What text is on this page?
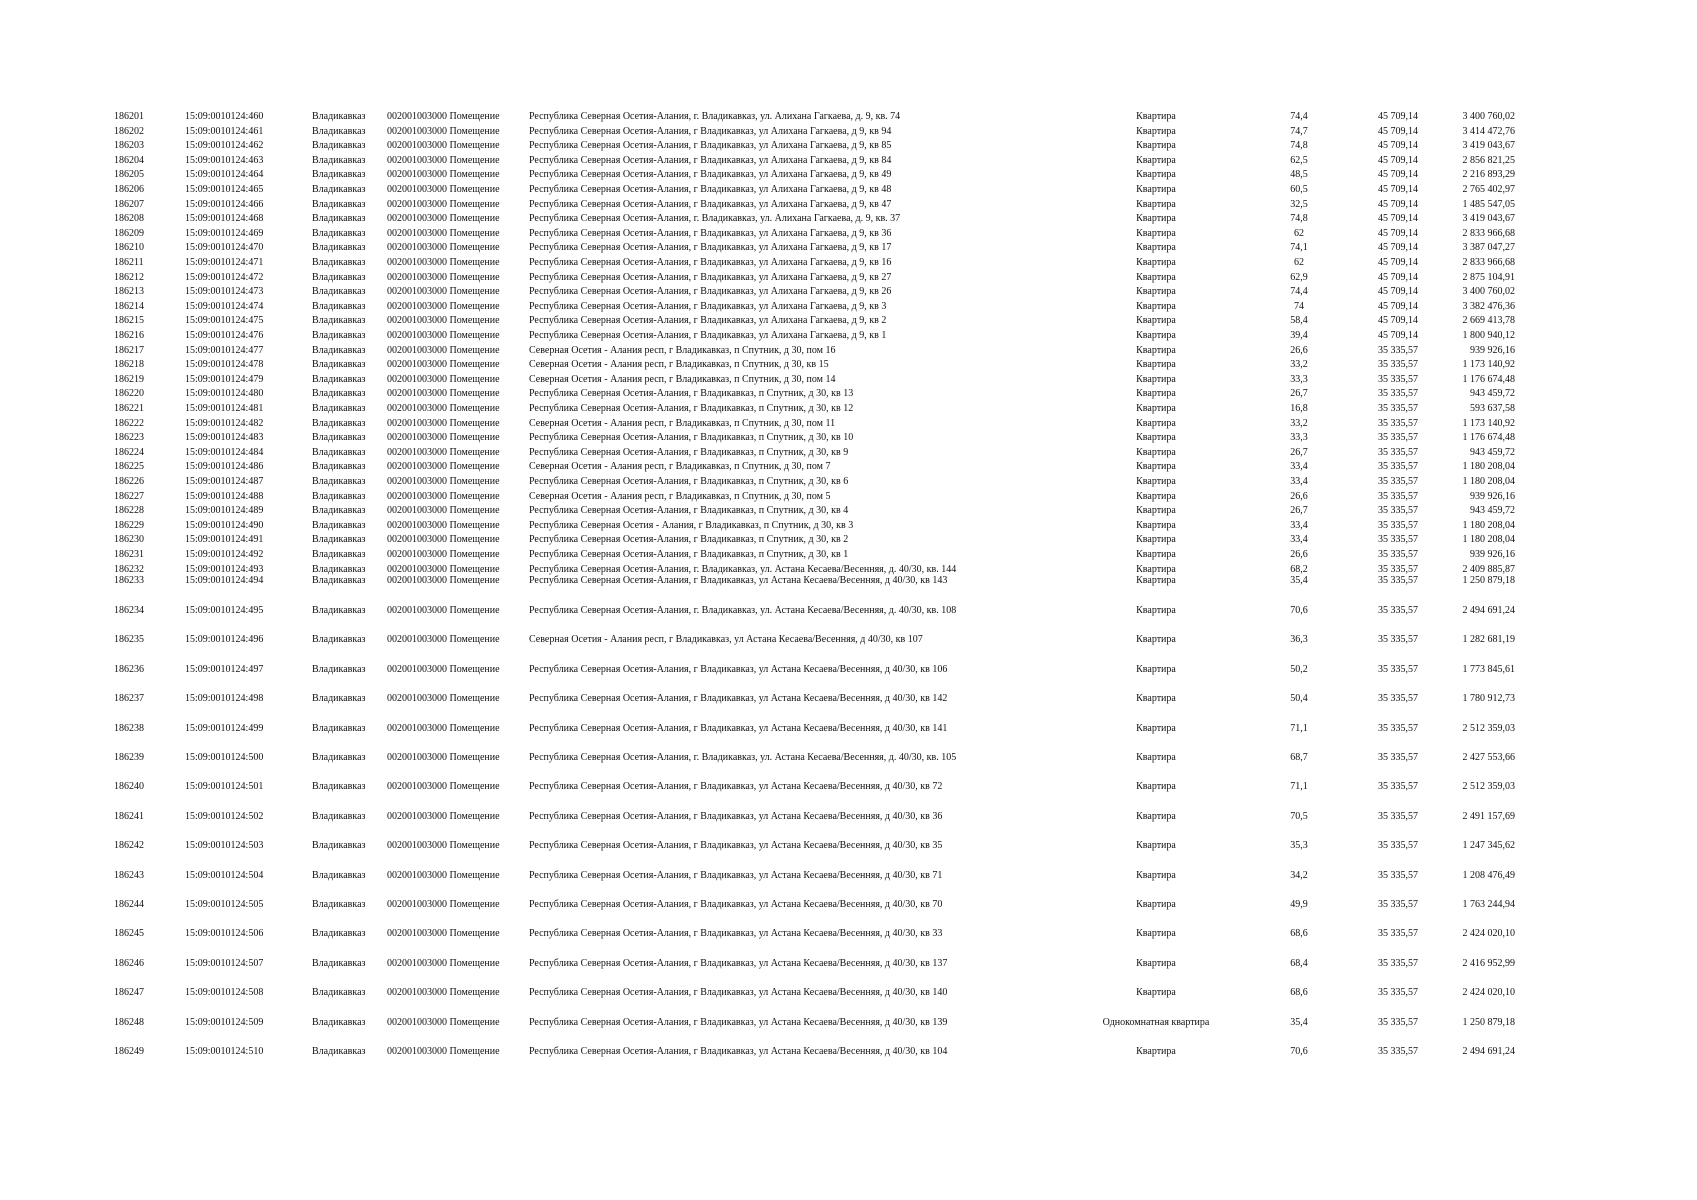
186201	15:09:0010124:460	Владикавказ 002001003000 Помещение	Республика Северная Осетия-Алания, г. Владикавказ, ул. Алихана Гагкаева, д. 9, кв. 74	Квартира	74,4	45 709,14	3 400 760,02
186202	15:09:0010124:461	Владикавказ 002001003000 Помещение	Республика Северная Осетия-Алания, г Владикавказ, ул Алихана Гагкаева, д 9, кв 94	Квартира	74,7	45 709,14	3 414 472,76
186203	15:09:0010124:462	Владикавказ 002001003000 Помещение	Республика Северная Осетия-Алания, г Владикавказ, ул Алихана Гагкаева, д 9, кв 85	Квартира	74,8	45 709,14	3 419 043,67
186204	15:09:0010124:463	Владикавказ 002001003000 Помещение	Республика Северная Осетия-Алания, г Владикавказ, ул Алихана Гагкаева, д 9, кв 84	Квартира	62,5	45 709,14	2 856 821,25
186205	15:09:0010124:464	Владикавказ 002001003000 Помещение	Республика Северная Осетия-Алания, г Владикавказ, ул Алихана Гагкаева, д 9, кв 49	Квартира	48,5	45 709,14	2 216 893,29
186206	15:09:0010124:465	Владикавказ 002001003000 Помещение	Республика Северная Осетия-Алания, г Владикавказ, ул Алихана Гагкаева, д 9, кв 48	Квартира	60,5	45 709,14	2 765 402,97
186207	15:09:0010124:466	Владикавказ 002001003000 Помещение	Республика Северная Осетия-Алания, г Владикавказ, ул Алихана Гагкаева, д 9, кв 47	Квартира	32,5	45 709,14	1 485 547,05
186208	15:09:0010124:468	Владикавказ 002001003000 Помещение	Республика Северная Осетия-Алания, г. Владикавказ, ул. Алихана Гагкаева, д. 9, кв. 37	Квартира	74,8	45 709,14	3 419 043,67
186209	15:09:0010124:469	Владикавказ 002001003000 Помещение	Республика Северная Осетия-Алания, г Владикавказ, ул Алихана Гагкаева, д 9, кв 36	Квартира	62	45 709,14	2 833 966,68
186210	15:09:0010124:470	Владикавказ 002001003000 Помещение	Республика Северная Осетия-Алания, г Владикавказ, ул Алихана Гагкаева, д 9, кв 17	Квартира	74,1	45 709,14	3 387 047,27
186211	15:09:0010124:471	Владикавказ 002001003000 Помещение	Республика Северная Осетия-Алания, г Владикавказ, ул Алихана Гагкаева, д 9, кв 16	Квартира	62	45 709,14	2 833 966,68
186212	15:09:0010124:472	Владикавказ 002001003000 Помещение	Республика Северная Осетия-Алания, г Владикавказ, ул Алихана Гагкаева, д 9, кв 27	Квартира	62,9	45 709,14	2 875 104,91
186213	15:09:0010124:473	Владикавказ 002001003000 Помещение	Республика Северная Осетия-Алания, г Владикавказ, ул Алихана Гагкаева, д 9, кв 26	Квартира	74,4	45 709,14	3 400 760,02
186214	15:09:0010124:474	Владикавказ 002001003000 Помещение	Республика Северная Осетия-Алания, г Владикавказ, ул Алихана Гагкаева, д 9, кв 3	Квартира	74	45 709,14	3 382 476,36
186215	15:09:0010124:475	Владикавказ 002001003000 Помещение	Республика Северная Осетия-Алания, г Владикавказ, ул Алихана Гагкаева, д 9, кв 2	Квартира	58,4	45 709,14	2 669 413,78
186216	15:09:0010124:476	Владикавказ 002001003000 Помещение	Республика Северная Осетия-Алания, г Владикавказ, ул Алихана Гагкаева, д 9, кв 1	Квартира	39,4	45 709,14	1 800 940,12
186217	15:09:0010124:477	Владикавказ 002001003000 Помещение	Северная Осетия - Алания респ, г Владикавказ, п Спутник, д 30, пом 16	Квартира	26,6	35 335,57	939 926,16
186218	15:09:0010124:478	Владикавказ 002001003000 Помещение	Северная Осетия - Алания респ, г Владикавказ, п Спутник, д 30, кв 15	Квартира	33,2	35 335,57	1 173 140,92
186219	15:09:0010124:479	Владикавказ 002001003000 Помещение	Северная Осетия - Алания респ, г Владикавказ, п Спутник, д 30, пом 14	Квартира	33,3	35 335,57	1 176 674,48
186220	15:09:0010124:480	Владикавказ 002001003000 Помещение	Республика Северная Осетия-Алания, г Владикавказ, п Спутник, д 30, кв 13	Квартира	26,7	35 335,57	943 459,72
186221	15:09:0010124:481	Владикавказ 002001003000 Помещение	Республика Северная Осетия-Алания, г Владикавказ, п Спутник, д 30, кв 12	Квартира	16,8	35 335,57	593 637,58
186222	15:09:0010124:482	Владикавказ 002001003000 Помещение	Северная Осетия - Алания респ, г Владикавказ, п Спутник, д 30, пом 11	Квартира	33,2	35 335,57	1 173 140,92
186223	15:09:0010124:483	Владикавказ 002001003000 Помещение	Республика Северная Осетия-Алания, г Владикавказ, п Спутник, д 30, кв 10	Квартира	33,3	35 335,57	1 176 674,48
186224	15:09:0010124:484	Владикавказ 002001003000 Помещение	Республика Северная Осетия-Алания, г Владикавказ, п Спутник, д 30, кв 9	Квартира	26,7	35 335,57	943 459,72
186225	15:09:0010124:486	Владикавказ 002001003000 Помещение	Северная Осетия - Алания респ, г Владикавказ, п Спутник, д 30, пом 7	Квартира	33,4	35 335,57	1 180 208,04
186226	15:09:0010124:487	Владикавказ 002001003000 Помещение	Республика Северная Осетия-Алания, г Владикавказ, п Спутник, д 30, кв 6	Квартира	33,4	35 335,57	1 180 208,04
186227	15:09:0010124:488	Владикавказ 002001003000 Помещение	Северная Осетия - Алания респ, г Владикавказ, п Спутник, д 30, пом 5	Квартира	26,6	35 335,57	939 926,16
186228	15:09:0010124:489	Владикавказ 002001003000 Помещение	Республика Северная Осетия-Алания, г Владикавказ, п Спутник, д 30, кв 4	Квартира	26,7	35 335,57	943 459,72
186229	15:09:0010124:490	Владикавказ 002001003000 Помещение	Республика Северная Осетия - Алания, г Владикавказ, п Спутник, д 30, кв 3	Квартира	33,4	35 335,57	1 180 208,04
186230	15:09:0010124:491	Владикавказ 002001003000 Помещение	Республика Северная Осетия-Алания, г Владикавказ, п Спутник, д 30, кв 2	Квартира	33,4	35 335,57	1 180 208,04
186231	15:09:0010124:492	Владикавказ 002001003000 Помещение	Республика Северная Осетия-Алания, г Владикавказ, п Спутник, д 30, кв 1	Квартира	26,6	35 335,57	939 926,16
186232	15:09:0010124:493	Владикавказ 002001003000 Помещение	Республика Северная Осетия-Алания, г. Владикавказ, ул. Астана Кесаева/Весенняя, д. 40/30, кв. 144	Квартира	68,2	35 335,57	2 409 885,87
186233	15:09:0010124:494	Владикавказ 002001003000 Помещение	Республика Северная Осетия-Алания, г Владикавказ, ул Астана Кесаева/Весенняя, д 40/30, кв 143	Квартира	35,4	35 335,57	1 250 879,18
186234	15:09:0010124:495	Владикавказ 002001003000 Помещение	Республика Северная Осетия-Алания, г. Владикавказ, ул. Астана Кесаева/Весенняя, д. 40/30, кв. 108	Квартира	70,6	35 335,57	2 494 691,24
186235	15:09:0010124:496	Владикавказ 002001003000 Помещение	Северная Осетия - Алания респ, г Владикавказ, ул Астана Кесаева/Весенняя, д 40/30, кв 107	Квартира	36,3	35 335,57	1 282 681,19
186236	15:09:0010124:497	Владикавказ 002001003000 Помещение	Республика Северная Осетия-Алания, г Владикавказ, ул Астана Кесаева/Весенняя, д 40/30, кв 106	Квартира	50,2	35 335,57	1 773 845,61
186237	15:09:0010124:498	Владикавказ 002001003000 Помещение	Республика Северная Осетия-Алания, г Владикавказ, ул Астана Кесаева/Весенняя, д 40/30, кв 142	Квартира	50,4	35 335,57	1 780 912,73
186238	15:09:0010124:499	Владикавказ 002001003000 Помещение	Республика Северная Осетия-Алания, г Владикавказ, ул Астана Кесаева/Весенняя, д 40/30, кв 141	Квартира	71,1	35 335,57	2 512 359,03
186239	15:09:0010124:500	Владикавказ 002001003000 Помещение	Республика Северная Осетия-Алания, г. Владикавказ, ул. Астана Кесаева/Весенняя, д. 40/30, кв. 105	Квартира	68,7	35 335,57	2 427 553,66
186240	15:09:0010124:501	Владикавказ 002001003000 Помещение	Республика Северная Осетия-Алания, г Владикавказ, ул Астана Кесаева/Весенняя, д 40/30, кв 72	Квартира	71,1	35 335,57	2 512 359,03
186241	15:09:0010124:502	Владикавказ 002001003000 Помещение	Республика Северная Осетия-Алания, г Владикавказ, ул Астана Кесаева/Весенняя, д 40/30, кв 36	Квартира	70,5	35 335,57	2 491 157,69
186242	15:09:0010124:503	Владикавказ 002001003000 Помещение	Республика Северная Осетия-Алания, г Владикавказ, ул Астана Кесаева/Весенняя, д 40/30, кв 35	Квартира	35,3	35 335,57	1 247 345,62
186243	15:09:0010124:504	Владикавказ 002001003000 Помещение	Республика Северная Осетия-Алания, г Владикавказ, ул Астана Кесаева/Весенняя, д 40/30, кв 71	Квартира	34,2	35 335,57	1 208 476,49
186244	15:09:0010124:505	Владикавказ 002001003000 Помещение	Республика Северная Осетия-Алания, г Владикавказ, ул Астана Кесаева/Весенняя, д 40/30, кв 70	Квартира	49,9	35 335,57	1 763 244,94
186245	15:09:0010124:506	Владикавказ 002001003000 Помещение	Республика Северная Осетия-Алания, г Владикавказ, ул Астана Кесаева/Весенняя, д 40/30, кв 33	Квартира	68,6	35 335,57	2 424 020,10
186246	15:09:0010124:507	Владикавказ 002001003000 Помещение	Республика Северная Осетия-Алания, г Владикавказ, ул Астана Кесаева/Весенняя, д 40/30, кв 137	Квартира	68,4	35 335,57	2 416 952,99
186247	15:09:0010124:508	Владикавказ 002001003000 Помещение	Республика Северная Осетия-Алания, г Владикавказ, ул Астана Кесаева/Весенняя, д 40/30, кв 140	Квартира	68,6	35 335,57	2 424 020,10
186248	15:09:0010124:509	Владикавказ 002001003000 Помещение	Республика Северная Осетия-Алания, г Владикавказ, ул Астана Кесаева/Весенняя, д 40/30, кв 139	Однокомнатная квартира	35,4	35 335,57	1 250 879,18
186249	15:09:0010124:510	Владикавказ 002001003000 Помещение	Республика Северная Осетия-Алания, г Владикавказ, ул Астана Кесаева/Весенняя, д 40/30, кв 104	Квартира	70,6	35 335,57	2 494 691,24
